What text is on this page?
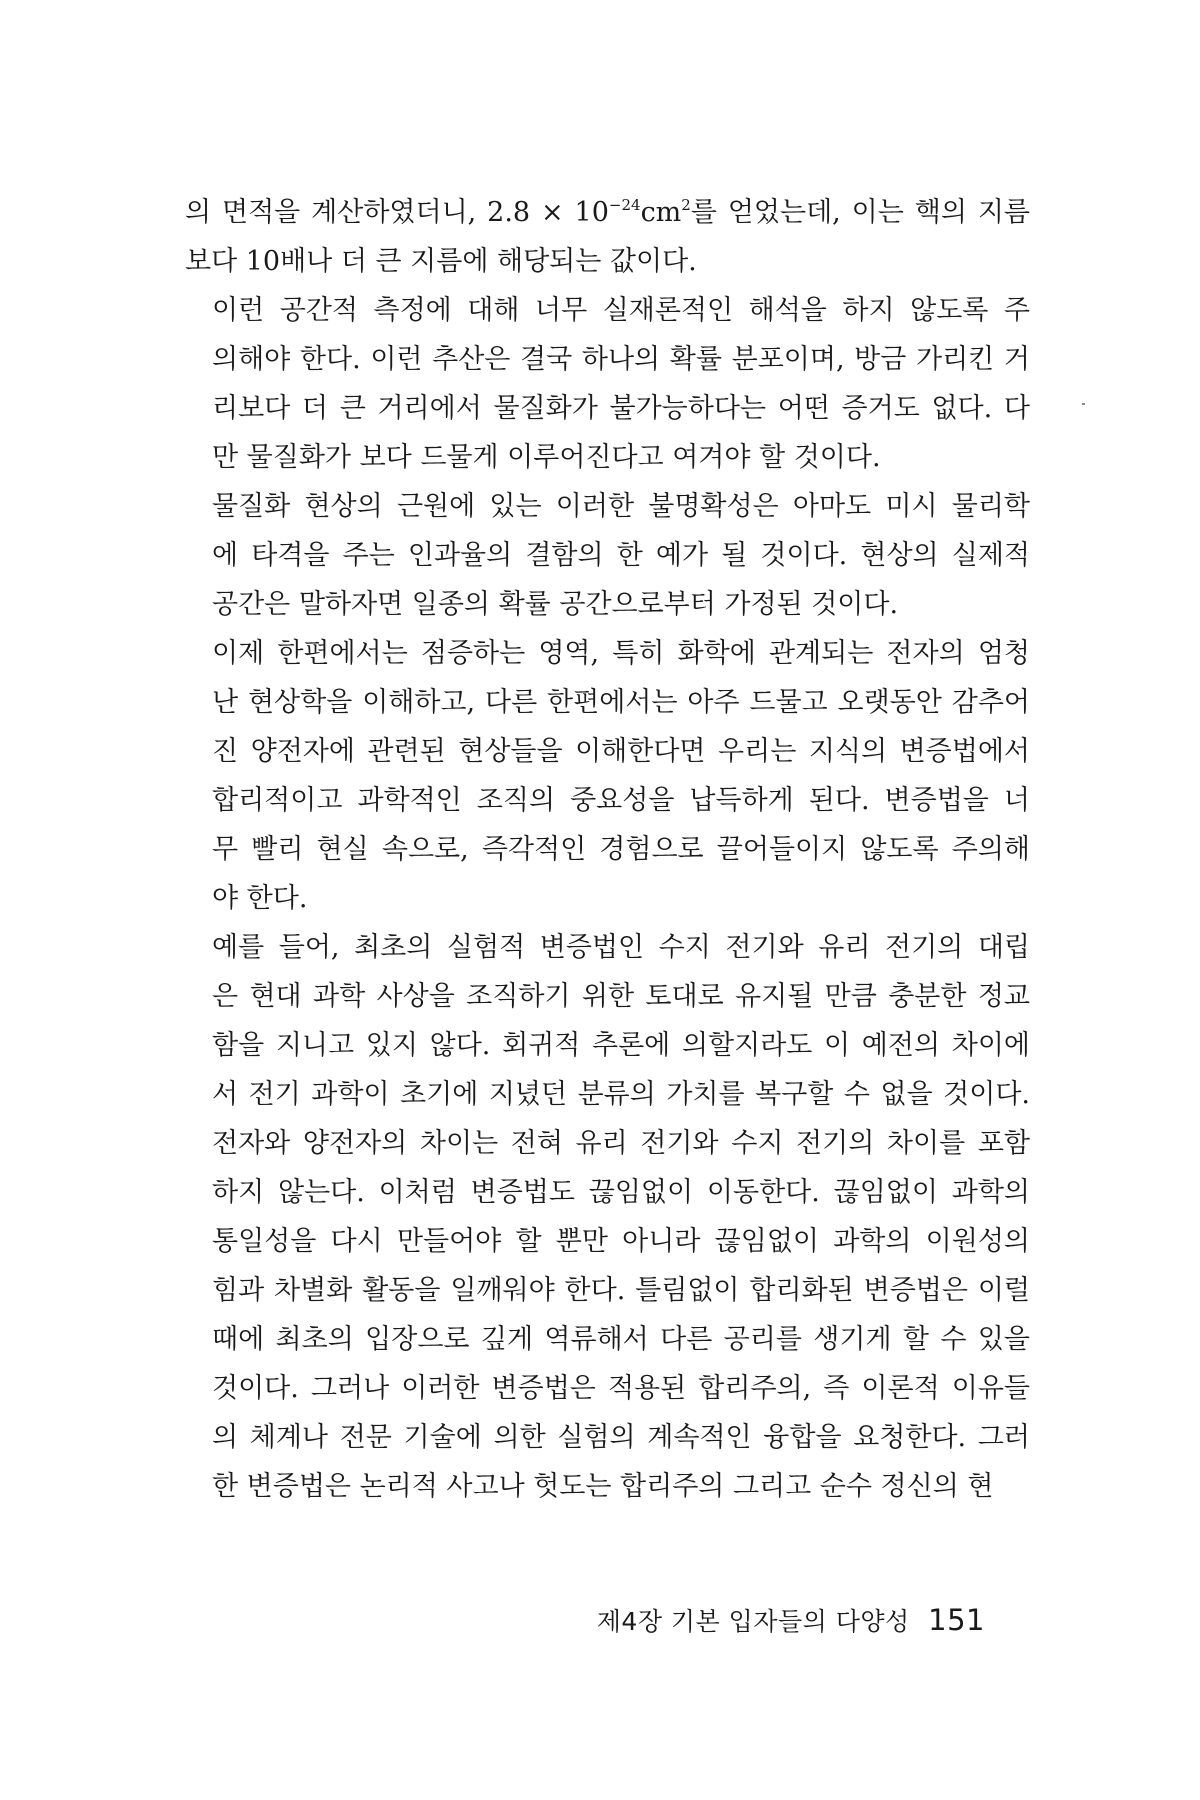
의 면적을 계산하였더니, $2.8 \times 10^{-24}cm^2$를 얻었는데, 이는 핵의 지름
보다 10배나 더 큰 지름에 해당되는 값이다.

이런 공간적 측정에 대해 너무 실재론적인 해석을 하지 않도록 주
의해야 한다. 이런 추산은 결국 하나의 확률 분포이며, 방금 가리킨 거
리보다 더 큰 거리에서 물질화가 불가능하다는 어떤 증거도 없다. 다
만 물질화가 보다 드물게 이루어진다고 여겨야 할 것이다.

물질화 현상의 근원에 있는 이러한 불명확성은 아마도 미시 물리학
에 타격을 주는 인과율의 결함의 한 예가 될 것이다. 현상의 실제적
공간은 말하자면 일종의 확률 공간으로부터 가정된 것이다.

이제 한편에서는 점증하는 영역, 특히 화학에 관계되는 전자의 엄청
난 현상학을 이해하고, 다른 한편에서는 아주 드물고 오랫동안 감추어
진 양전자에 관련된 현상들을 이해한다면 우리는 지식의 변증법에서
합리적이고 과학적인 조직의 중요성을 납득하게 된다. 변증법을 너
무 빨리 현실 속으로, 즉각적인 경험으로 끌어들이지 않도록 주의해
야 한다.

예를 들어, 최초의 실험적 변증법인 수지 전기와 유리 전기의 대립
은 현대 과학 사상을 조직하기 위한 토대로 유지될 만큼 충분한 정교
함을 지니고 있지 않다. 회귀적 추론에 의할지라도 이 예전의 차이에
서 전기 과학이 초기에 지녔던 분류의 가치를 복구할 수 없을 것이다.
전자와 양전자의 차이는 전혀 유리 전기와 수지 전기의 차이를 포함
하지 않는다. 이처럼 변증법도 끊임없이 이동한다. 끊임없이 과학의
통일성을 다시 만들어야 할 뿐만 아니라 끊임없이 과학의 이원성의
힘과 차별화 활동을 일깨워야 한다. 틀림없이 합리화된 변증법은 이럴
때에 최초의 입장으로 깊게 역류해서 다른 공리를 생기게 할 수 있을
것이다. 그러나 이러한 변증법은 적용된 합리주의, 즉 이론적 이유들
의 체계나 전문 기술에 의한 실험의 계속적인 융합을 요청한다. 그러
한 변증법은 논리적 사고나 헛도는 합리주의 그리고 순수 정신의 현

제4장 기본 입자들의 다양성 151
